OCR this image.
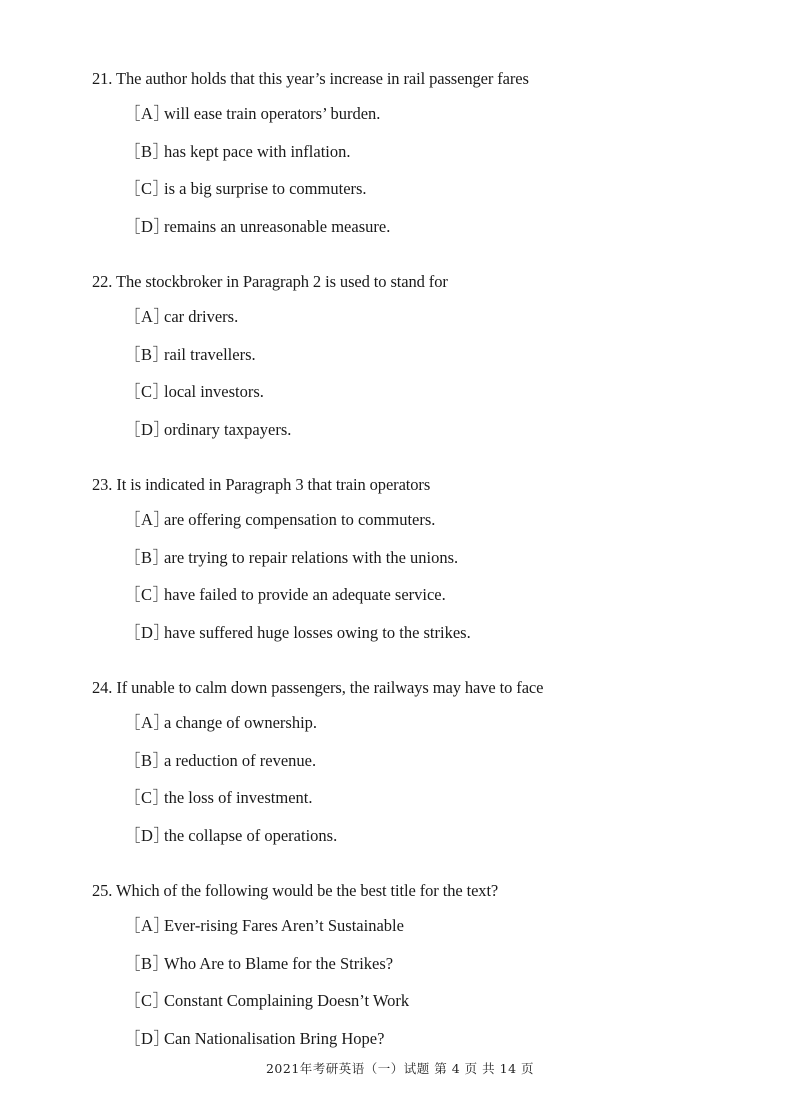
21. The author holds that this year’s increase in rail passenger fares
［A］
will ease train operators’ burden.
［B］
has kept pace with inflation.
［C］
is a big surprise to commuters.
［D］
remains an unreasonable measure.
22. The stockbroker in Paragraph 2 is used to stand for
［A］
car drivers.
［B］
rail travellers.
［C］
local investors.
［D］
ordinary taxpayers.
23. It is indicated in Paragraph 3 that train operators
［A］
are offering compensation to commuters.
［B］
are trying to repair relations with the unions.
［C］
have failed to provide an adequate service.
［D］
have suffered huge losses owing to the strikes.
24. If unable to calm down passengers, the railways may have to face
［A］
a change of ownership.
［B］
a reduction of revenue.
［C］
the loss of investment.
［D］
the collapse of operations.
25. Which of the following would be the best title for the text?
［A］
Ever-rising Fares Aren’t Sustainable
［B］
Who Are to Blame for the Strikes?
［C］
Constant Complaining Doesn’t Work
［D］
Can Nationalisation Bring Hope?
2021年考研英语（一）试题 第 4 页 共 14 页
